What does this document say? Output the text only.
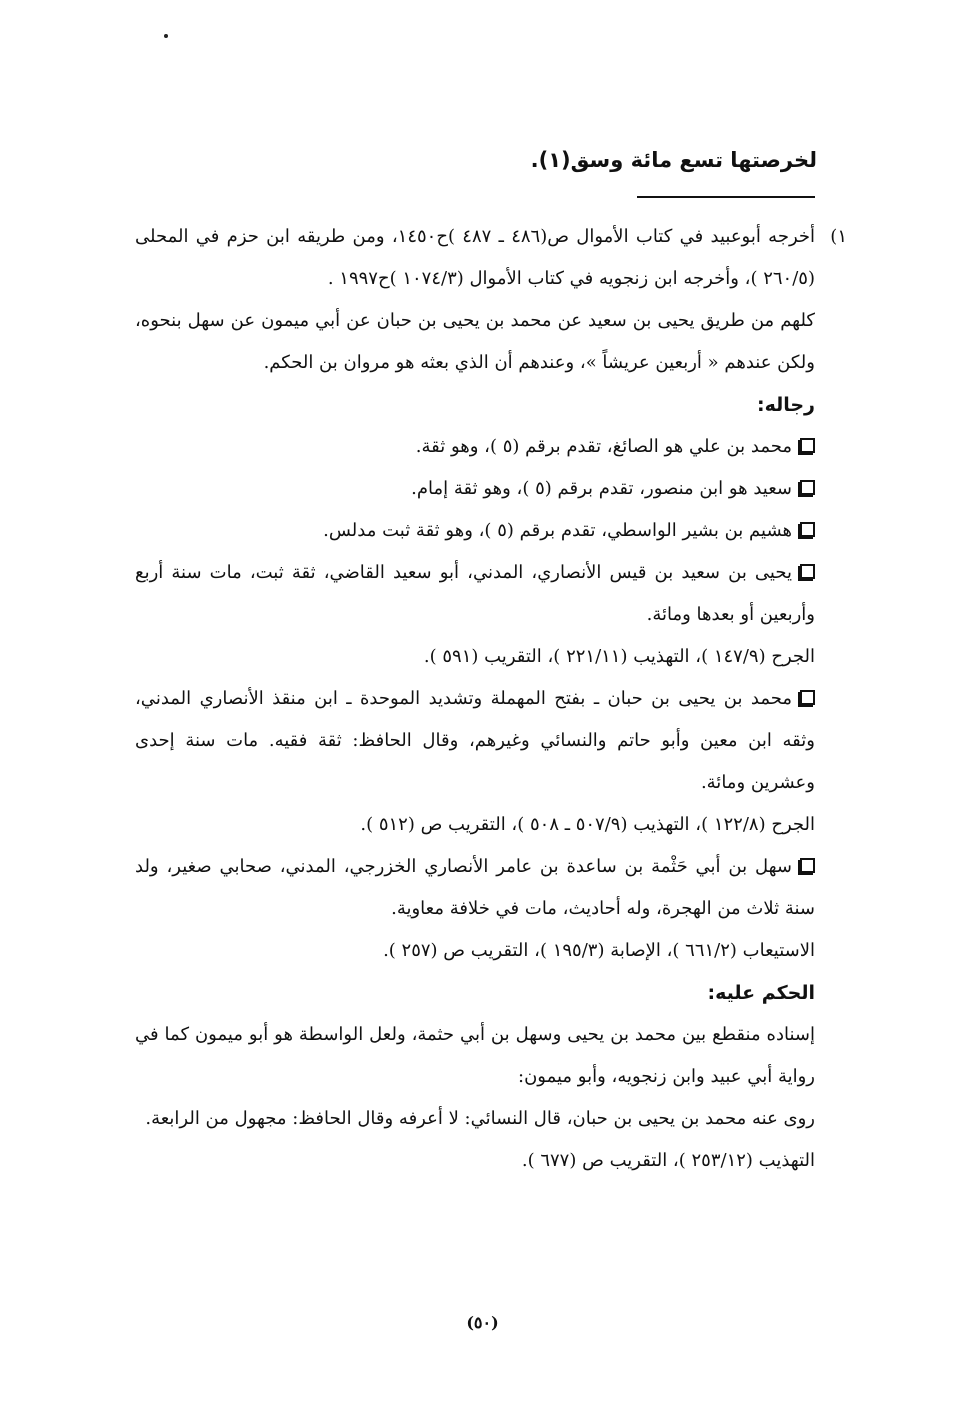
لخرصتها تسع مائة وسق(١).
١)

أخرجه أبوعبيد في كتاب الأموال ص(٤٨٦ ـ ٤٨٧ )ح١٤٥٠، ومن طريقه ابن حزم في المحلى (٢٦٠/٥ )، وأخرجه ابن زنجويه في كتاب الأموال (١٠٧٤/٣ )ح١٩٩٧ .

كلهم من طريق يحيى بن سعيد عن محمد بن يحيى بن حبان عن أبي ميمون عن سهل بنحوه، ولكن عندهم « أربعين عريشاً »، وعندهم أن الذي بعثه هو مروان بن الحكم.

رجاله:

محمد بن علي هو الصائغ، تقدم برقم (٥ )، وهو ثقة.

سعيد هو ابن منصور، تقدم برقم (٥ )، وهو ثقة إمام.

هشيم بن بشير الواسطي، تقدم برقم (٥ )، وهو ثقة ثبت مدلس.

يحيى بن سعيد بن قيس الأنصاري، المدني، أبو سعيد القاضي، ثقة ثبت، مات سنة أربع وأربعين أو بعدها ومائة.

الجرح (١٤٧/٩ )، التهذيب (٢٢١/١١ )، التقريب (٥٩١ ).

محمد بن يحيى بن حبان ـ بفتح المهملة وتشديد الموحدة ـ ابن منقذ الأنصاري المدني، وثقه ابن معين وأبو حاتم والنسائي وغيرهم، وقال الحافظ: ثقة فقيه. مات سنة إحدى وعشرين ومائة.

الجرح (١٢٢/٨ )، التهذيب (٥٠٧/٩ ـ ٥٠٨ )، التقريب ص (٥١٢ ).

سهل بن أبي حَثْمة بن ساعدة بن عامر الأنصاري الخزرجي، المدني، صحابي صغير، ولد سنة ثلاث من الهجرة، وله أحاديث، مات في خلافة معاوية.

الاستيعاب (٦٦١/٢ )، الإصابة (١٩٥/٣ )، التقريب ص (٢٥٧ ).

الحكم عليه:

إسناده منقطع بين محمد بن يحيى وسهل بن أبي حثمة، ولعل الواسطة هو أبو ميمون كما في رواية أبي عبيد وابن زنجويه، وأبو ميمون:

روى عنه محمد بن يحيى بن حبان، قال النسائي: لا أعرفه وقال الحافظ: مجهول من الرابعة.

التهذيب (٢٥٣/١٢ )، التقريب ص (٦٧٧ ).

(٥٠)
